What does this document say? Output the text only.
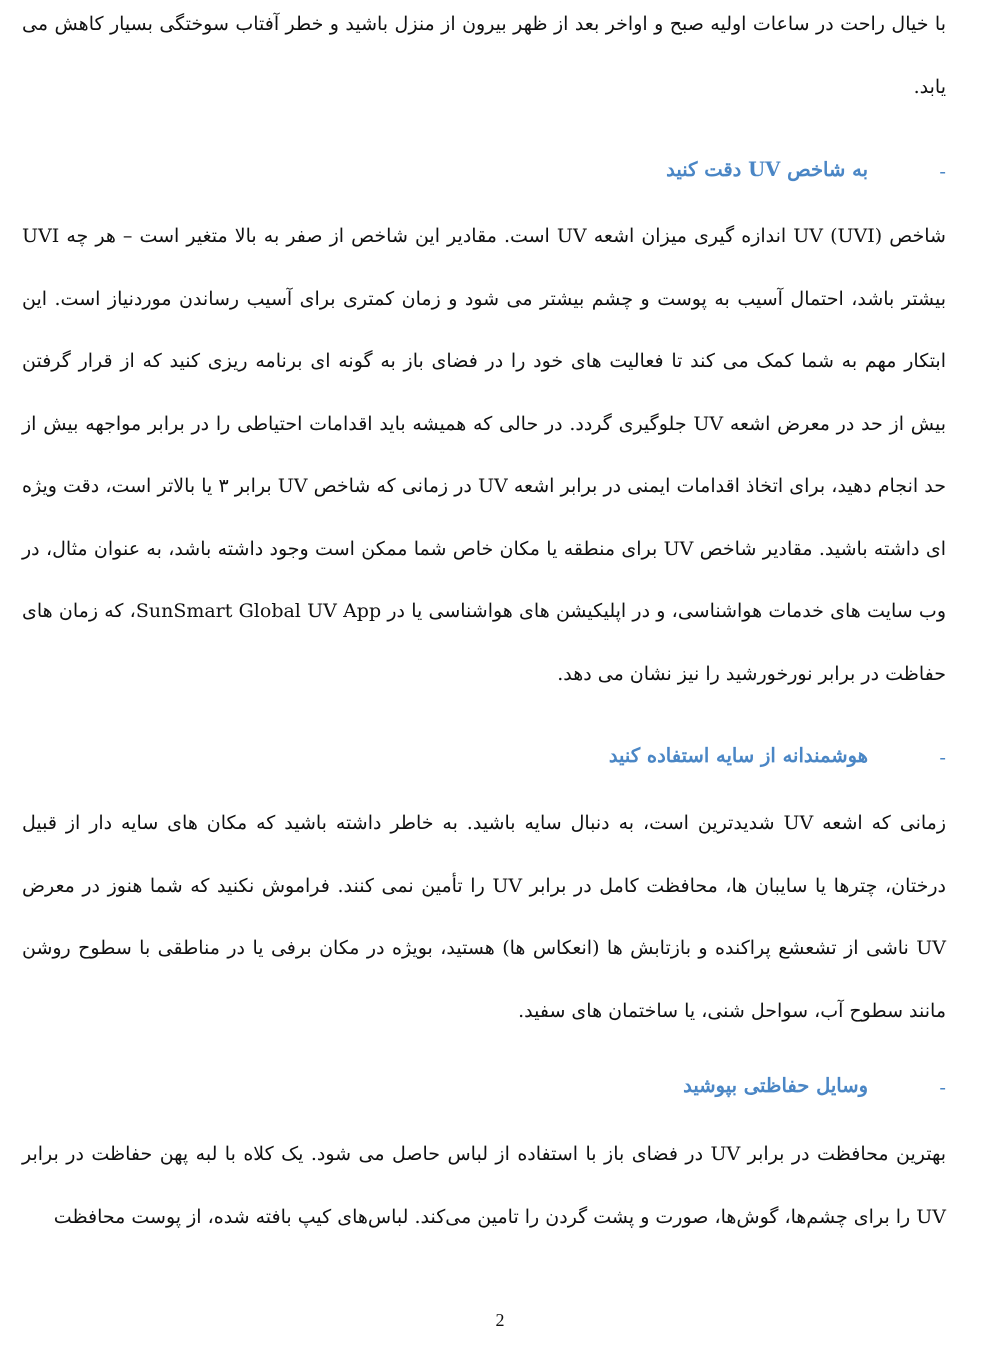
با خیال راحت در ساعات اولیه صبح و اواخر بعد از ظهر بیرون از منزل باشید و خطر آفتاب سوختگی بسیار کاهش می یابد.

-
به شاخص UV دقت کنید

شاخص UV (UVI) اندازه گیری میزان اشعه UV است. مقادیر این شاخص از صفر به بالا متغیر است – هر چه UVI بیشتر باشد، احتمال آسیب به پوست و چشم بیشتر می شود و زمان کمتری برای آسیب رساندن موردنیاز است. این ابتکار مهم به شما کمک می کند تا فعالیت های خود را در فضای باز به گونه ای برنامه ریزی کنید که از قرار گرفتن بیش از حد در معرض اشعه UV جلوگیری گردد. در حالی که همیشه باید اقدامات احتیاطی را در برابر مواجهه بیش از حد انجام دهید، برای اتخاذ اقدامات ایمنی در برابر اشعه UV در زمانی که شاخص UV برابر ۳ یا بالاتر است، دقت ویژه ای داشته باشید. مقادیر شاخص UV برای منطقه یا مکان خاص شما ممکن است وجود داشته باشد، به عنوان مثال، در وب سایت های خدمات هواشناسی، و در اپلیکیشن های هواشناسی یا در SunSmart Global UV App، که زمان های حفاظت در برابر نورخورشید را نیز نشان می دهد.

-
هوشمندانه از سایه استفاده کنید

زمانی که اشعه UV شدیدترین است، به دنبال سایه باشید. به خاطر داشته باشید که مکان های سایه دار از قبیل درختان، چترها یا سایبان ها، محافظت کامل در برابر UV را تأمین نمی کنند. فراموش نکنید که شما هنوز در معرض UV ناشی از تشعشع پراکنده و بازتابش ها (انعکاس ها) هستید، بویژه در مکان برفی یا در مناطقی با سطوح روشن مانند سطوح آب، سواحل شنی، یا ساختمان های سفید.

-
وسایل حفاظتی بپوشید

بهترین محافظت در برابر UV در فضای باز با استفاده از لباس حاصل می شود. یک کلاه با لبه پهن حفاظت در برابر UV را برای چشم‌ها، گوش‌ها، صورت و پشت گردن را تامین می‌کند. لباس‌های کیپ بافته شده، از پوست محافظت

2
